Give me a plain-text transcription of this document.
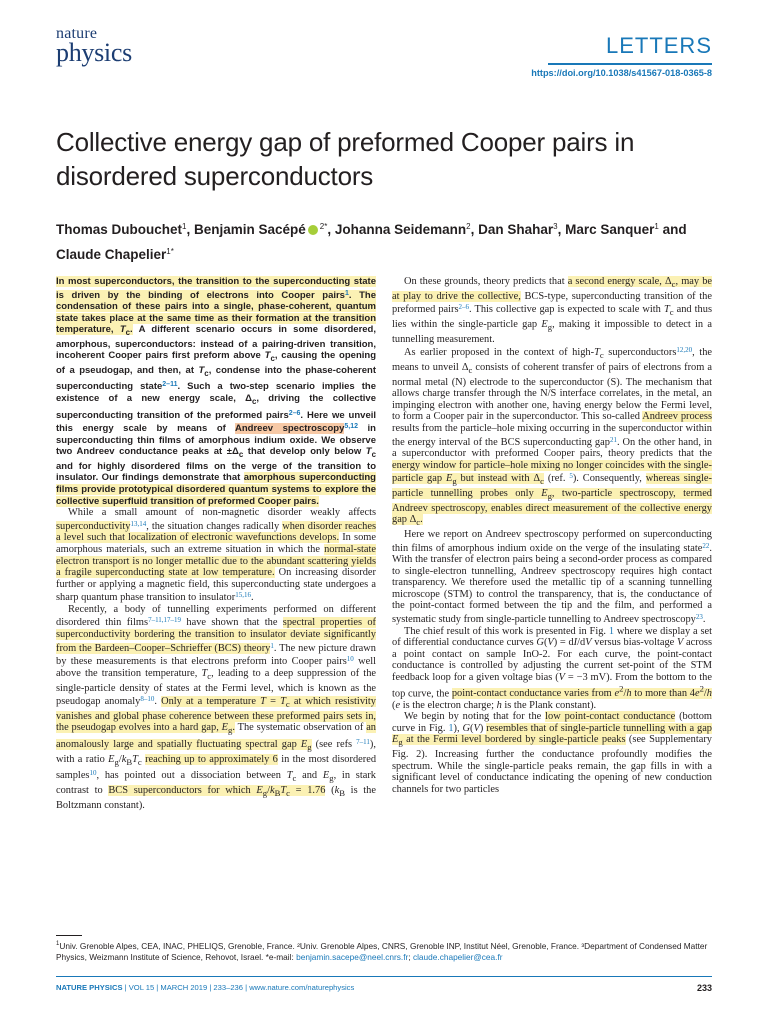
nature
physics	LETTERS
https://doi.org/10.1038/s41567-018-0365-8
Collective energy gap of preformed Cooper pairs in disordered superconductors
Thomas Dubouchet$^1$, Benjamin Sacépé $^{2*}$, Johanna Seidemann$^2$, Dan Shahar$^3$, Marc Sanquer$^1$ and Claude Chapelier$^{1*}$

In most superconductors, the transition to the superconducting state is driven by the binding of electrons into Cooper pairs$^1$. The condensation of these pairs into a single, phase-coherent, quantum state takes place at the same time as their formation at the transition temperature, $T_c$. A different scenario occurs in some disordered, amorphous, superconductors: instead of a pairing-driven transition, incoherent Cooper pairs first preform above $T_c$, causing the opening of a pseudogap, and then, at $T_c$, condense into the phase-coherent superconducting state$^{2-11}$. Such a two-step scenario implies the existence of a new energy scale, $\Delta_c$, driving the collective superconducting transition of the preformed pairs$^{2-6}$. Here we unveil this energy scale by means of Andreev spectroscopy$^{5,12}$ in superconducting thin films of amorphous indium oxide. We observe two Andreev conductance peaks at $\pm\Delta_c$ that develop only below $T_c$ and for highly disordered films on the verge of the transition to insulator. Our findings demonstrate that amorphous superconducting films provide prototypical disordered quantum systems to explore the collective superfluid transition of preformed Cooper pairs.

While a small amount of non-magnetic disorder weakly affects superconductivity$^{13,14}$, the situation changes radically when disorder reaches a level such that localization of electronic wavefunctions develops. In some amorphous materials, such an extreme situation in which the normal-state electron transport is no longer metallic due to the abundant scattering yields a fragile superconducting state at low temperature. On increasing disorder further or applying a magnetic field, this superconducting state undergoes a sharp quantum phase transition to insulator$^{15,16}$.

Recently, a body of tunnelling experiments performed on different disordered thin films$^{7-11,17-19}$ have shown that the spectral properties of superconductivity bordering the transition to insulator deviate significantly from the Bardeen–Cooper–Schrieffer (BCS) theory$^1$. The new picture drawn by these measurements is that electrons preform into Cooper pairs$^{10}$ well above the transition temperature, $T_c$, leading to a deep suppression of the single-particle density of states at the Fermi level, which is known as the pseudogap anomaly$^{8-10}$. Only at a temperature $T = T_c$ at which resistivity vanishes and global phase coherence between these preformed pairs sets in, the pseudogap evolves into a hard gap, $E_g$. The systematic observation of an anomalously large and spatially fluctuating spectral gap $E_g$ (see refs $^{7-11}$), with a ratio $E_g/k_BT_c$ reaching up to approximately 6 in the most disordered samples$^{10}$, has pointed out a dissociation between $T_c$ and $E_g$, in stark contrast to BCS superconductors for which $E_g/k_BT_c = 1.76$ ($k_B$ is the Boltzmann constant).

On these grounds, theory predicts that a second energy scale, $\Delta_c$, may be at play to drive the collective, BCS-type, superconducting transition of the preformed pairs$^{2-6}$. This collective gap is expected to scale with $T_c$ and thus lies within the single-particle gap $E_g$, making it impossible to detect in a tunnelling measurement.

As earlier proposed in the context of high-$T_c$ superconductors$^{12,20}$, the means to unveil $\Delta_c$ consists of coherent transfer of pairs of electrons from a normal metal (N) electrode to the superconductor (S). The mechanism that allows charge transfer through the N/S interface correlates, in the metal, an impinging electron with another one, having energy below the Fermi level, to form a Cooper pair in the superconductor. This so-called Andreev process results from the particle–hole mixing occurring in the superconductor within the energy interval of the BCS superconducting gap$^{21}$. On the other hand, in a superconductor with preformed Cooper pairs, theory predicts that the energy window for particle–hole mixing no longer coincides with the single-particle gap $E_g$ but instead with $\Delta_c$ (ref. $^5$). Consequently, whereas single-particle tunnelling probes only $E_g$, two-particle spectroscopy, termed Andreev spectroscopy, enables direct measurement of the collective energy gap $\Delta_c$.

Here we report on Andreev spectroscopy performed on superconducting thin films of amorphous indium oxide on the verge of the insulating state$^{22}$. With the transfer of electron pairs being a second-order process as compared to single-electron tunnelling, Andreev spectroscopy requires high contact transparency. We therefore used the metallic tip of a scanning tunnelling microscope (STM) to control the transparency, that is, the conductance of the point-contact formed between the tip and the film, and performed a systematic study from single-particle tunnelling to Andreev spectroscopy$^{23}$.

The chief result of this work is presented in Fig. 1 where we display a set of differential conductance curves G(V) = dI/dV versus bias-voltage V across a point contact on sample InO-2. For each curve, the point-contact conductance is controlled by adjusting the current set-point of the STM feedback loop for a given voltage bias (V = −3 mV). From the bottom to the top curve, the point-contact conductance varies from $e^2/h$ to more than $4e^2/h$ (e is the electron charge; h is the Plank constant).

We begin by noting that for the low point-contact conductance (bottom curve in Fig. 1), G(V) resembles that of single-particle tunnelling with a gap $E_g$ at the Fermi level bordered by single-particle peaks (see Supplementary Fig. 2). Increasing further the conductance profoundly modifies the spectrum. While the single-particle peaks remain, the gap fills in with a significant level of conductance indicating the opening of new conduction channels for two particles

$^1$Univ. Grenoble Alpes, CEA, INAC, PHELIQS, Grenoble, France. ²Univ. Grenoble Alpes, CNRS, Grenoble INP, Institut Néel, Grenoble, France. ³Department of Condensed Matter Physics, Weizmann Institute of Science, Rehovot, Israel. *e-mail: benjamin.sacepe@neel.cnrs.fr; claude.chapelier@cea.fr
NATURE PHYSICS | VOL 15 | MARCH 2019 | 233–236 | www.nature.com/naturephysics	233
